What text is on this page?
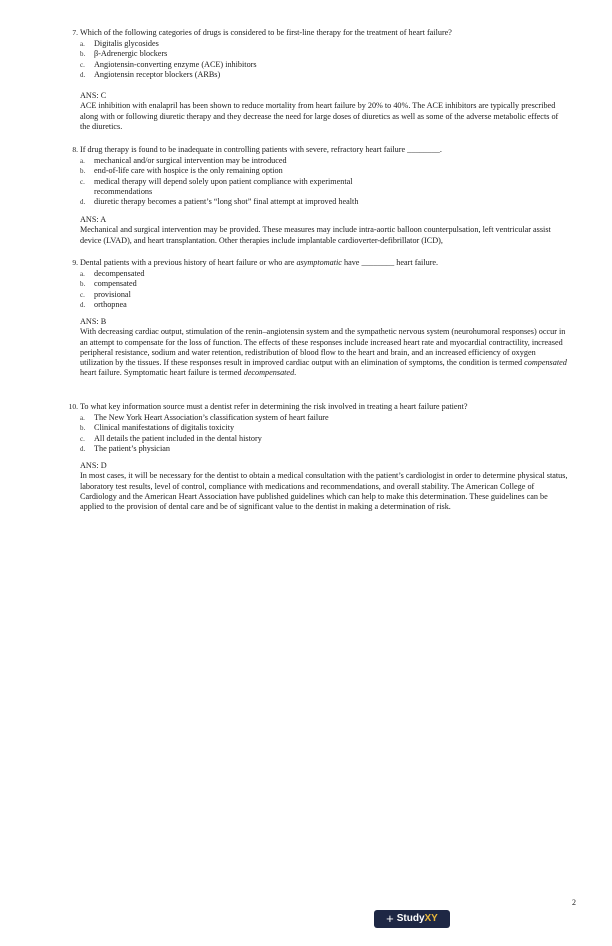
7. Which of the following categories of drugs is considered to be first-line therapy for the treatment of heart failure?
a. Digitalis glycosides
b. β-Adrenergic blockers
c. Angiotensin-converting enzyme (ACE) inhibitors
d. Angiotensin receptor blockers (ARBs)
ANS: C
ACE inhibition with enalapril has been shown to reduce mortality from heart failure by 20% to 40%. The ACE inhibitors are typically prescribed along with or following diuretic therapy and they decrease the need for large doses of diuretics as well as some of the adverse metabolic effects of the diuretics.
8. If drug therapy is found to be inadequate in controlling patients with severe, refractory heart failure ________.
a. mechanical and/or surgical intervention may be introduced
b. end-of-life care with hospice is the only remaining option
c. medical therapy will depend solely upon patient compliance with experimental recommendations
d. diuretic therapy becomes a patient’s “long shot” final attempt at improved health
ANS: A
Mechanical and surgical intervention may be provided. These measures may include intra-aortic balloon counterpulsation, left ventricular assist device (LVAD), and heart transplantation. Other therapies include implantable cardioverter-defibrillator (ICD),
9. Dental patients with a previous history of heart failure or who are asymptomatic have ________ heart failure.
a. decompensated
b. compensated
c. provisional
d. orthopnea
ANS: B
With decreasing cardiac output, stimulation of the renin–angiotensin system and the sympathetic nervous system (neurohumoral responses) occur in an attempt to compensate for the loss of function. The effects of these responses include increased heart rate and myocardial contractility, increased peripheral resistance, sodium and water retention, redistribution of blood flow to the heart and brain, and an increased efficiency of oxygen utilization by the tissues. If these responses result in improved cardiac output with an elimination of symptoms, the condition is termed compensated heart failure. Symptomatic heart failure is termed decompensated.
10. To what key information source must a dentist refer in determining the risk involved in treating a heart failure patient?
a. The New York Heart Association’s classification system of heart failure
b. Clinical manifestations of digitalis toxicity
c. All details the patient included in the dental history
d. The patient’s physician
ANS: D
In most cases, it will be necessary for the dentist to obtain a medical consultation with the patient’s cardiologist in order to determine physical status, laboratory test results, level of control, compliance with medications and recommendations, and overall stability. The American College of Cardiology and the American Heart Association have published guidelines which can help to make this determination. These guidelines can be applied to the provision of dental care and be of significant value to the dentist in making a determination of risk.
2
+ Study XY
